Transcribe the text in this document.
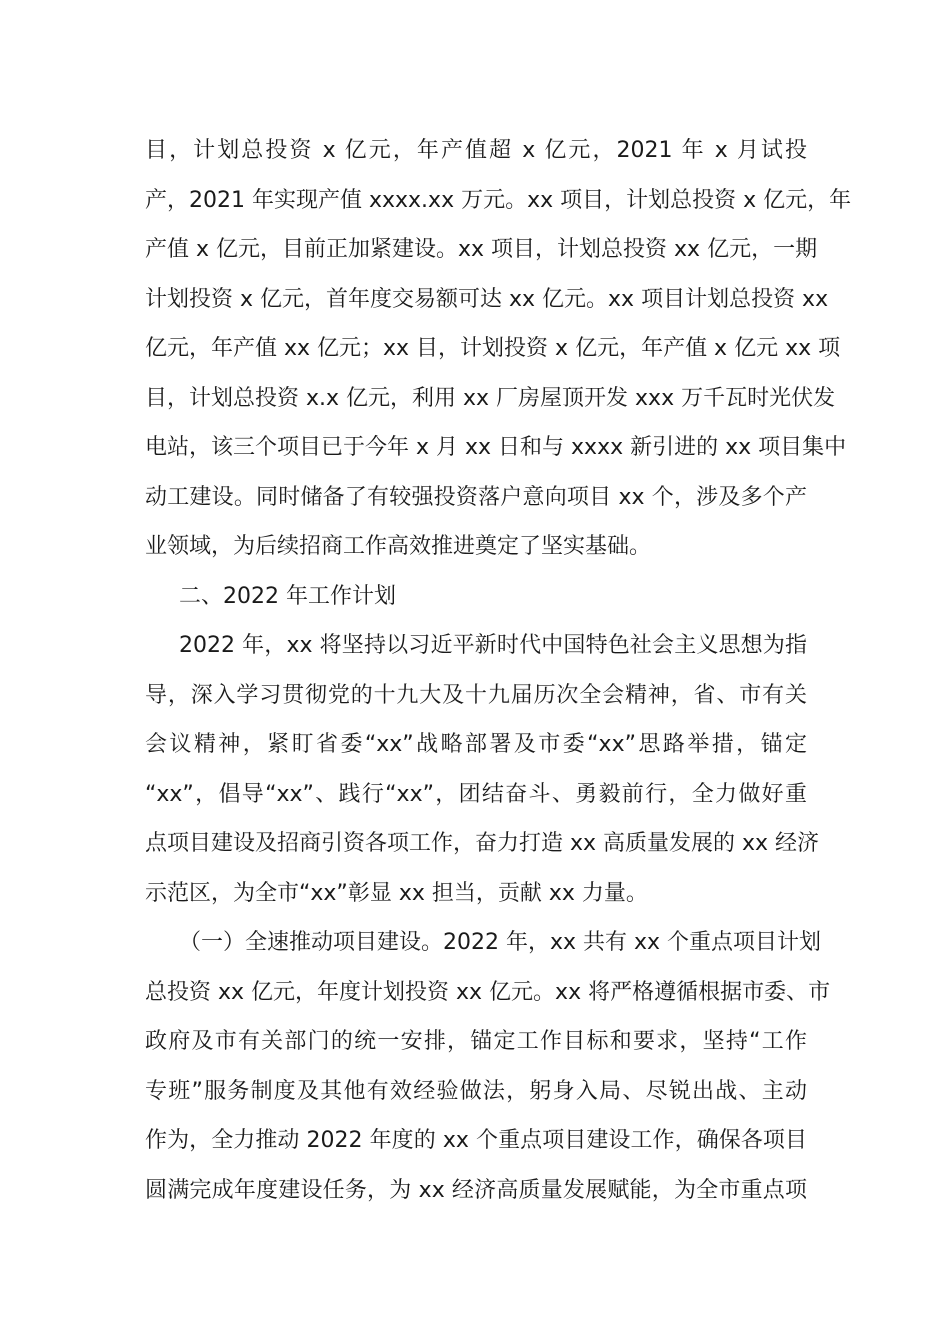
目，计划总投资 x 亿元，年产值超 x 亿元，2021 年 x 月试投
产，2021 年实现产值 xxxx.xx 万元。xx 项目，计划总投资 x 亿元，年
产值 x 亿元，目前正加紧建设。xx 项目，计划总投资 xx 亿元，一期
计划投资 x 亿元，首年度交易额可达 xx 亿元。xx 项目计划总投资 xx
亿元，年产值 xx 亿元；xx 目，计划投资 x 亿元，年产值 x 亿元 xx 项
目，计划总投资 x.x 亿元，利用 xx 厂房屋顶开发 xxx 万千瓦时光伏发
电站，该三个项目已于今年 x 月 xx 日和与 xxxx 新引进的 xx 项目集中
动工建设。同时储备了有较强投资落户意向项目 xx 个，涉及多个产
业领域，为后续招商工作高效推进奠定了坚实基础。
二、2022 年工作计划
2022 年，xx 将坚持以习近平新时代中国特色社会主义思想为指
导，深入学习贯彻党的十九大及十九届历次全会精神，省、市有关
会议精神，紧盯省委“xx”战略部署及市委“xx”思路举措，锚定
“xx”，倡导“xx”、践行“xx”，团结奋斗、勇毅前行，全力做好重
点项目建设及招商引资各项工作，奋力打造 xx 高质量发展的 xx 经济
示范区，为全市“xx”彰显 xx 担当，贡献 xx 力量。
（一）全速推动项目建设。2022 年，xx 共有 xx 个重点项目计划
总投资 xx 亿元，年度计划投资 xx 亿元。xx 将严格遵循根据市委、市
政府及市有关部门的统一安排，锚定工作目标和要求，坚持“工作
专班”服务制度及其他有效经验做法，躬身入局、尽锐出战、主动
作为，全力推动 2022 年度的 xx 个重点项目建设工作，确保各项目
圆满完成年度建设任务，为 xx 经济高质量发展赋能，为全市重点项
